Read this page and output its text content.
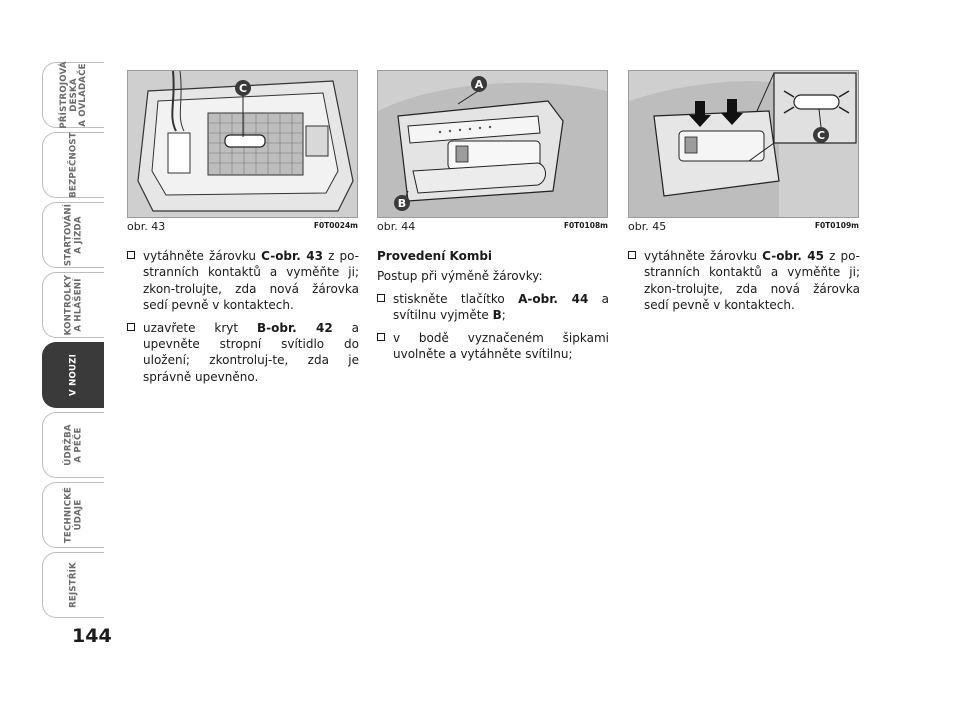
PŘÍSTROJOVÁ
DESKA
A OVLADAČE
BEZPEČNOST
STARTOVÁNÍ
A JÍZDA
KONTROLKY
A HLÁŠENÍ
V NOUZI
ÚDRŽBA
A PÉČE
TECHNICKÉ
ÚDAJE
REJSTŘÍK
144
C
obr. 43	F0T0024m
A
B
obr. 44	F0T0108m
C
obr. 45	F0T0109m

vytáhněte žárovku C-obr. 43 z po-stranních kontaktů a vyměňte ji; zkon-trolujte, zda nová žárovka sedí pevně v kontaktech.

uzavřete kryt B-obr. 42 a upevněte stropní svítidlo do uložení; zkontroluj-te, zda je správně upevněno.

Provedení Kombi

Postup při výměně žárovky:

stiskněte tlačítko A-obr. 44 a svítilnu vyjměte B;

v bodě vyznačeném šipkami uvolněte a vytáhněte svítilnu;

vytáhněte žárovku C-obr. 45 z po-stranních kontaktů a vyměňte ji; zkon-trolujte, zda nová žárovka sedí pevně v kontaktech.
